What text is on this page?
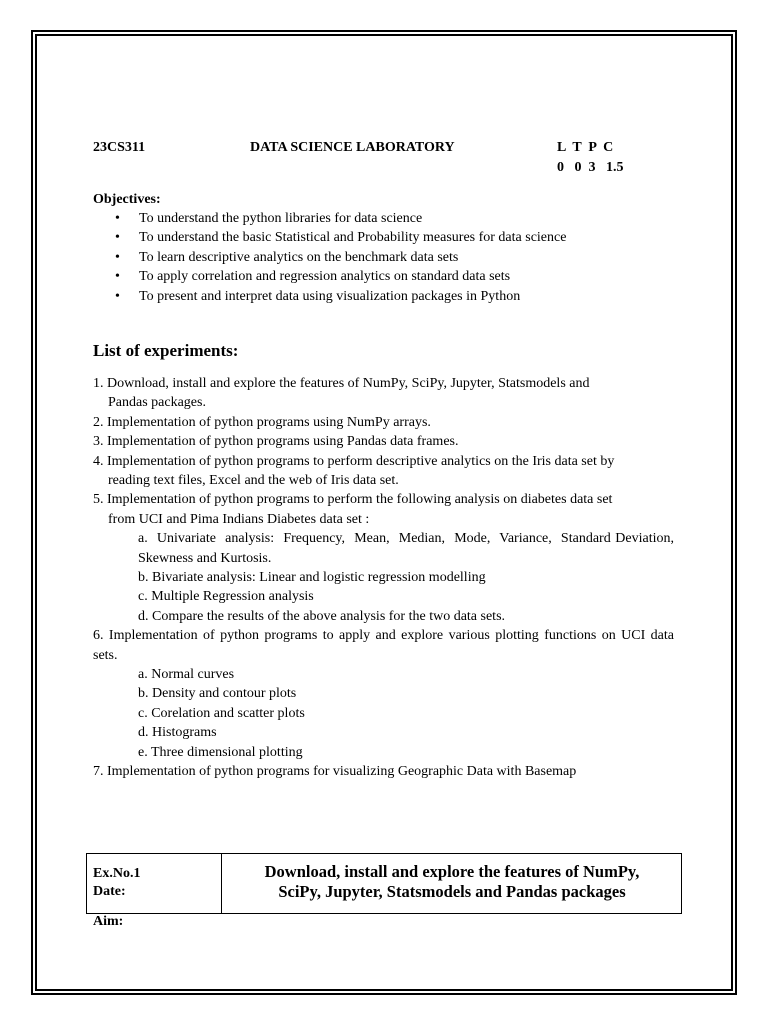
23CS311	DATA SCIENCE LABORATORY	L  T  P  C
0   0  3   1.5
Objectives:
• To understand the python libraries for data science
• To understand the basic Statistical and Probability measures for data science
• To learn descriptive analytics on the benchmark data sets
• To apply correlation and regression analytics on standard data sets
• To present and interpret data using visualization packages in Python
List of experiments:
1. Download, install and explore the features of NumPy, SciPy, Jupyter, Statsmodels and
Pandas packages.
2. Implementation of python programs using NumPy arrays.
3. Implementation of python programs using Pandas data frames.
4. Implementation of python programs to perform descriptive analytics on the Iris data set by
reading text files, Excel and the web of Iris data set.
5. Implementation of python programs to perform the following analysis on diabetes data set
from UCI and Pima Indians Diabetes data set :
a.  Univariate  analysis:  Frequency,  Mean,  Median,  Mode,  Variance,  Standard Deviation, Skewness and Kurtosis.
b. Bivariate analysis: Linear and logistic regression modelling
c. Multiple Regression analysis
d. Compare the results of the above analysis for the two data sets.
6. Implementation of python programs to apply and explore various plotting functions on UCI data sets.
a. Normal curves
b. Density and contour plots
c. Corelation and scatter plots
d. Histograms
e. Three dimensional plotting
7. Implementation of python programs for visualizing Geographic Data with Basemap
Ex.No.1
Date:
Download, install and explore the features of NumPy,
SciPy, Jupyter, Statsmodels and Pandas packages
Aim:
